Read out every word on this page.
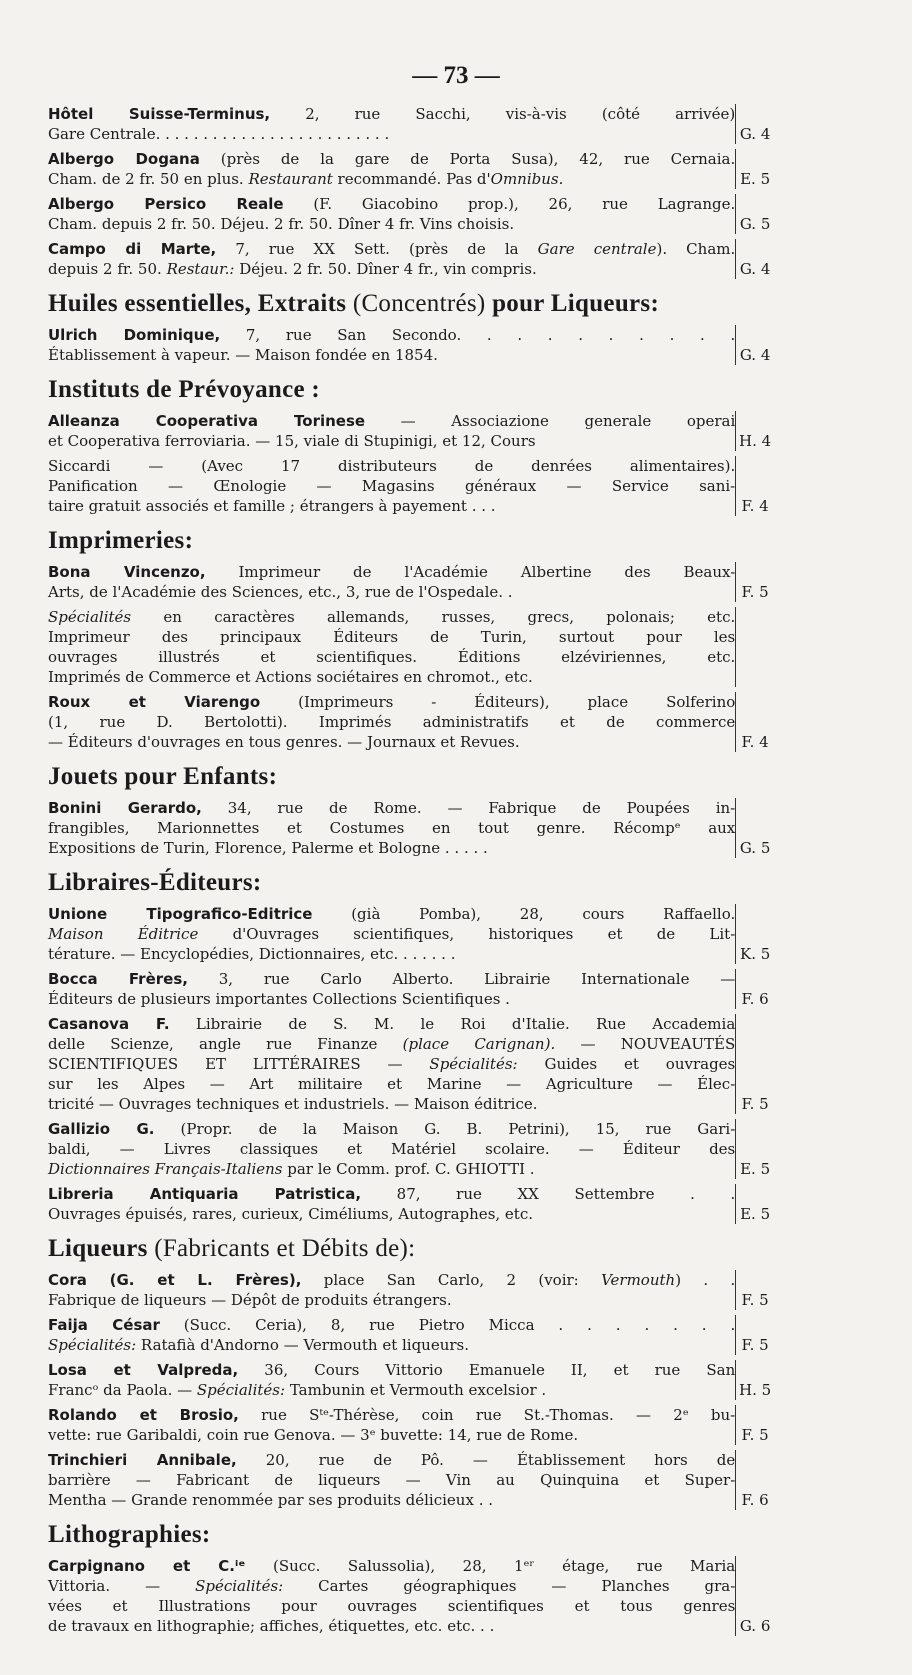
— 73 —
Hôtel Suisse-Terminus, 2, rue Sacchi, vis-à-vis (côté arrivée)
Gare Centrale. . . . . . . . . . . . . . . . . . . . . . . . .	G. 4
Albergo Dogana (près de la gare de Porta Susa), 42, rue Cernaia.
Cham. de 2 fr. 50 en plus. Restaurant recommandé. Pas d'Omnibus.	E. 5
Albergo Persico Reale (F. Giacobino prop.), 26, rue Lagrange.
Cham. depuis 2 fr. 50. Déjeu. 2 fr. 50. Dîner 4 fr. Vins choisis.	G. 5
Campo di Marte, 7, rue XX Sett. (près de la Gare centrale). Cham.
depuis 2 fr. 50. Restaur.: Déjeu. 2 fr. 50. Dîner 4 fr., vin compris.	G. 4
Huiles essentielles, Extraits (Concentrés) pour Liqueurs:
Ulrich Dominique, 7, rue San Secondo. . . . . . . . . .
Établissement à vapeur. — Maison fondée en 1854.	G. 4
Instituts de Prévoyance :
Alleanza Cooperativa Torinese — Associazione generale operai
et Cooperativa ferroviaria. — 15, viale di Stupinigi, et 12, Cours	H. 4
Siccardi — (Avec 17 distributeurs de denrées alimentaires).
Panification — Œnologie — Magasins généraux — Service sani-
taire gratuit associés et famille ; étrangers à payement . . .	F. 4
Imprimeries:
Bona Vincenzo, Imprimeur de l'Académie Albertine des Beaux-
Arts, de l'Académie des Sciences, etc., 3, rue de l'Ospedale. .	F. 5
Spécialités en caractères allemands, russes, grecs, polonais; etc.
Imprimeur des principaux Éditeurs de Turin, surtout pour les
ouvrages illustrés et scientifiques. Éditions elzéviriennes, etc.
Imprimés de Commerce et Actions sociétaires en chromot., etc.
Roux et Viarengo (Imprimeurs - Éditeurs), place Solferino
(1, rue D. Bertolotti). Imprimés administratifs et de commerce
— Éditeurs d'ouvrages en tous genres. — Journaux et Revues.	F. 4
Jouets pour Enfants:
Bonini Gerardo, 34, rue de Rome. — Fabrique de Poupées in-
frangibles, Marionnettes et Costumes en tout genre. Récompᵉ aux
Expositions de Turin, Florence, Palerme et Bologne . . . . .	G. 5
Libraires-Éditeurs:
Unione Tipografico-Editrice (già Pomba), 28, cours Raffaello.
Maison Éditrice d'Ouvrages scientifiques, historiques et de Lit-
térature. — Encyclopédies, Dictionnaires, etc. . . . . . .	K. 5
Bocca Frères, 3, rue Carlo Alberto. Librairie Internationale —
Éditeurs de plusieurs importantes Collections Scientifiques .	F. 6
Casanova F. Librairie de S. M. le Roi d'Italie. Rue Accademia
delle Scienze, angle rue Finanze (place Carignan). — NOUVEAUTÉS
SCIENTIFIQUES ET LITTÉRAIRES — Spécialités: Guides et ouvrages
sur les Alpes — Art militaire et Marine — Agriculture — Élec-
tricité — Ouvrages techniques et industriels. — Maison éditrice.	F. 5
Gallizio G. (Propr. de la Maison G. B. Petrini), 15, rue Gari-
baldi, — Livres classiques et Matériel scolaire. — Éditeur des
Dictionnaires Français-Italiens par le Comm. prof. C. GHIOTTI .	E. 5
Libreria Antiquaria Patristica, 87, rue XX Settembre . .
Ouvrages épuisés, rares, curieux, Ciméliums, Autographes, etc.	E. 5
Liqueurs (Fabricants et Débits de):
Cora (G. et L. Frères), place San Carlo, 2 (voir: Vermouth) . .
Fabrique de liqueurs — Dépôt de produits étrangers.	F. 5
Faija César (Succ. Ceria), 8, rue Pietro Micca . . . . . . .
Spécialités: Ratafià d'Andorno — Vermouth et liqueurs.	F. 5
Losa et Valpreda, 36, Cours Vittorio Emanuele II, et rue San
Francᵒ da Paola. — Spécialités: Tambunin et Vermouth excelsior .	H. 5
Rolando et Brosio, rue Sᵗᵉ-Thérèse, coin rue St.-Thomas. — 2ᵉ bu-
vette: rue Garibaldi, coin rue Genova. — 3ᵉ buvette: 14, rue de Rome.	F. 5
Trinchieri Annibale, 20, rue de Pô. — Établissement hors de
barrière — Fabricant de liqueurs — Vin au Quinquina et Super-
Mentha — Grande renommée par ses produits délicieux . .	F. 6
Lithographies:
Carpignano et C.ⁱᵉ (Succ. Salussolia), 28, 1ᵉʳ étage, rue Maria
Vittoria. — Spécialités: Cartes géographiques — Planches gra-
vées et Illustrations pour ouvrages scientifiques et tous genres
de travaux en lithographie; affiches, étiquettes, etc. etc. . .	G. 6
